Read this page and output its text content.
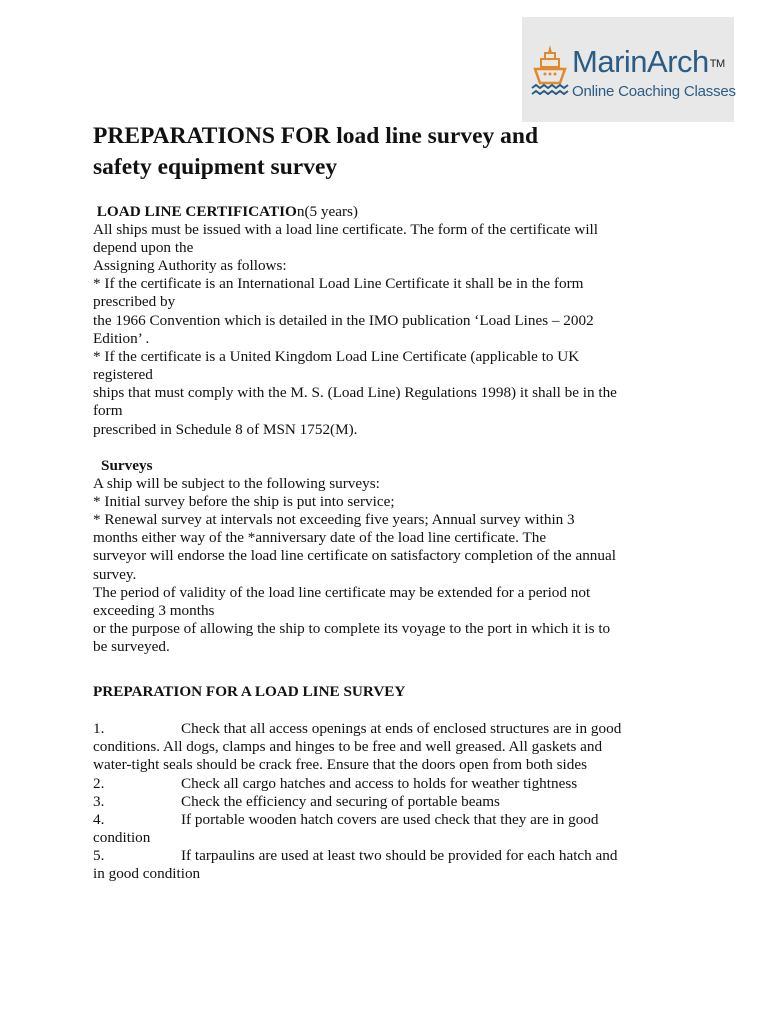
MarinArch™
Online Coaching Classes
PREPARATIONS FOR load line survey and
safety equipment survey
LOAD LINE CERTIFICATIOn(5 years)
All ships must be issued with a load line certificate. The form of the certificate will
depend upon the
Assigning Authority as follows:
* If the certificate is an International Load Line Certificate it shall be in the form
prescribed by
the 1966 Convention which is detailed in the IMO publication ‘Load Lines – 2002
Edition’ .
* If the certificate is a United Kingdom Load Line Certificate (applicable to UK
registered
ships that must comply with the M. S. (Load Line) Regulations 1998) it shall be in the
form
prescribed in Schedule 8 of MSN 1752(M).
Surveys
A ship will be subject to the following surveys:
* Initial survey before the ship is put into service;
* Renewal survey at intervals not exceeding five years; Annual survey within 3
months either way of the *anniversary date of the load line certificate. The
surveyor will endorse the load line certificate on satisfactory completion of the annual
survey.
The period of validity of the load line certificate may be extended for a period not
exceeding 3 months
or the purpose of allowing the ship to complete its voyage to the port in which it is to
be surveyed.
PREPARATION FOR A LOAD LINE SURVEY
1.	Check that all access openings at ends of enclosed structures are in good
conditions. All dogs, clamps and hinges to be free and well greased. All gaskets and
water-tight seals should be crack free. Ensure that the doors open from both sides
2.	Check all cargo hatches and access to holds for weather tightness
3.	Check the efficiency and securing of portable beams
4.	If portable wooden hatch covers are used check that they are in good
condition
5.	If tarpaulins are used at least two should be provided for each hatch and
in good condition
